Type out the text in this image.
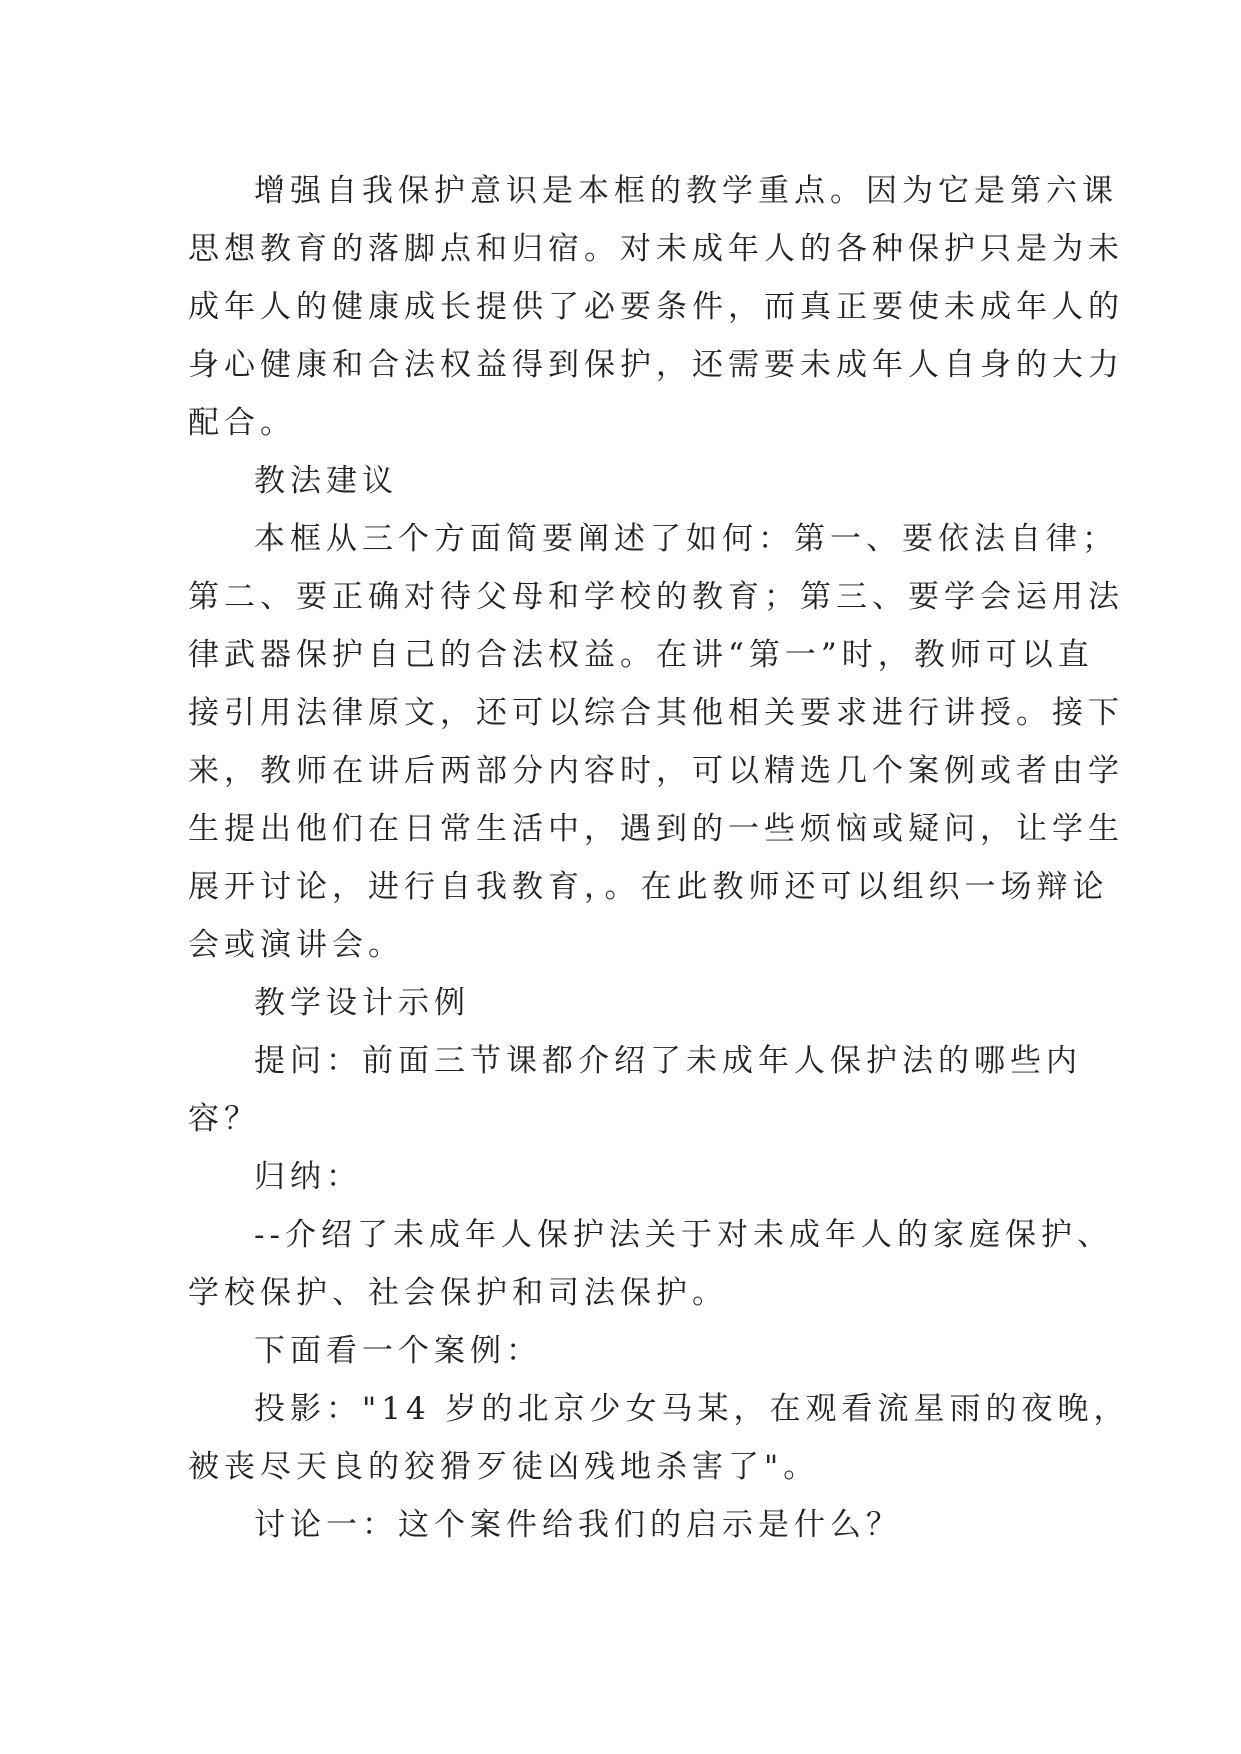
增强自我保护意识是本框的教学重点。因为它是第六课
思想教育的落脚点和归宿。对未成年人的各种保护只是为未
成年人的健康成长提供了必要条件，而真正要使未成年人的
身心健康和合法权益得到保护，还需要未成年人自身的大力
配合。
教法建议
本框从三个方面简要阐述了如何：第一、要依法自律；
第二、要正确对待父母和学校的教育；第三、要学会运用法
律武器保护自己的合法权益。在讲“第一”时，教师可以直
接引用法律原文，还可以综合其他相关要求进行讲授。接下
来，教师在讲后两部分内容时，可以精选几个案例或者由学
生提出他们在日常生活中，遇到的一些烦恼或疑问，让学生
展开讨论，进行自我教育，。在此教师还可以组织一场辩论
会或演讲会。
教学设计示例
提问：前面三节课都介绍了未成年人保护法的哪些内
容？
归纳：
--介绍了未成年人保护法关于对未成年人的家庭保护、
学校保护、社会保护和司法保护。
下面看一个案例：
投影："14 岁的北京少女马某，在观看流星雨的夜晚，
被丧尽天良的狡猾歹徒凶残地杀害了"。
讨论一：这个案件给我们的启示是什么？
